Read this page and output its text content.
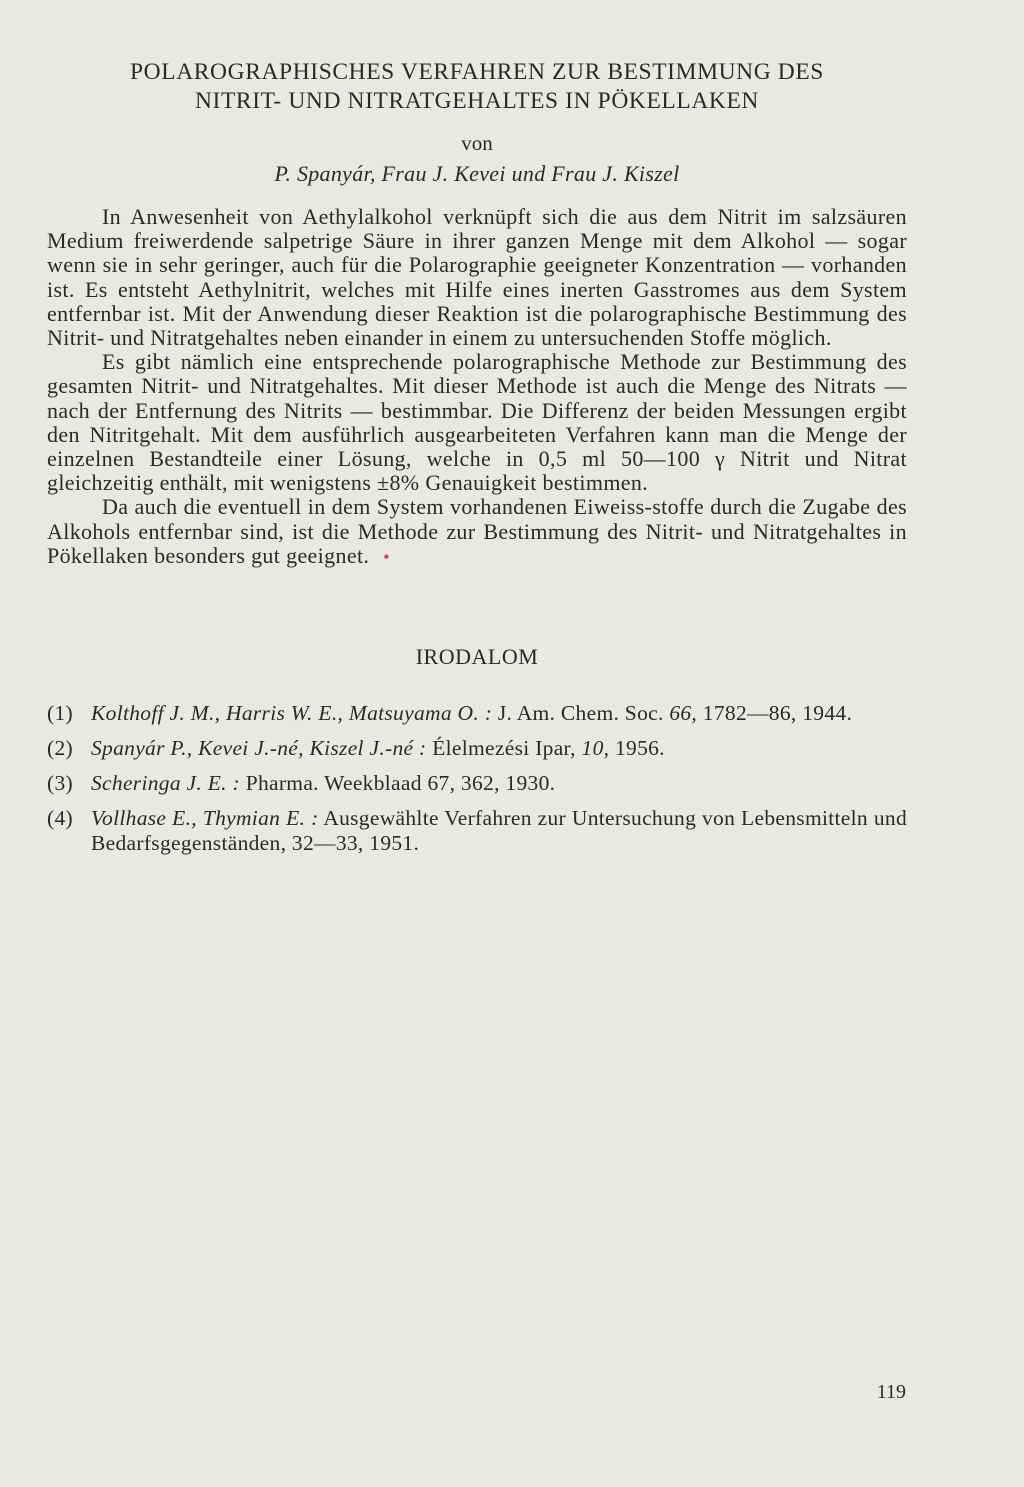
POLAROGRAPHISCHES VERFAHREN ZUR BESTIMMUNG DES
NITRIT- UND NITRATGEHALTES IN PÖKELLAKEN
von
P. Spanyár, Frau J. Kevei und Frau J. Kiszel

In Anwesenheit von Aethylalkohol verknüpft sich die aus dem Nitrit im salzsäuren Medium freiwerdende salpetrige Säure in ihrer ganzen Menge mit dem Alkohol — sogar wenn sie in sehr geringer, auch für die Polarographie geeigneter Konzentration — vorhanden ist. Es entsteht Aethylnitrit, welches mit Hilfe eines inerten Gasstromes aus dem System entfernbar ist. Mit der Anwendung dieser Reaktion ist die polarographische Bestimmung des Nitrit- und Nitratgehaltes neben einander in einem zu untersuchenden Stoffe möglich.

Es gibt nämlich eine entsprechende polarographische Methode zur Bestimmung des gesamten Nitrit- und Nitratgehaltes. Mit dieser Methode ist auch die Menge des Nitrats — nach der Entfernung des Nitrits — bestimmbar. Die Differenz der beiden Messungen ergibt den Nitritgehalt. Mit dem ausführlich ausgearbeiteten Verfahren kann man die Menge der einzelnen Bestandteile einer Lösung, welche in 0,5 ml 50—100 γ Nitrit und Nitrat gleichzeitig enthält, mit wenigstens ±8% Genauigkeit bestimmen.

Da auch die eventuell in dem System vorhandenen Eiweiss-stoffe durch die Zugabe des Alkohols entfernbar sind, ist die Methode zur Bestimmung des Nitrit- und Nitratgehaltes in Pökellaken besonders gut geeignet. •

IRODALOM
(1) Kolthoff J. M., Harris W. E., Matsuyama O. : J. Am. Chem. Soc. 66, 1782—86, 1944.
(2) Spanyár P., Kevei J.-né, Kiszel J.-né : Élelmezési Ipar, 10, 1956.
(3) Scheringa J. E. : Pharma. Weekblaad 67, 362, 1930.
(4) Vollhase E., Thymian E. : Ausgewählte Verfahren zur Untersuchung von Lebensmitteln und Bedarfsgegenständen, 32—33, 1951.
119
